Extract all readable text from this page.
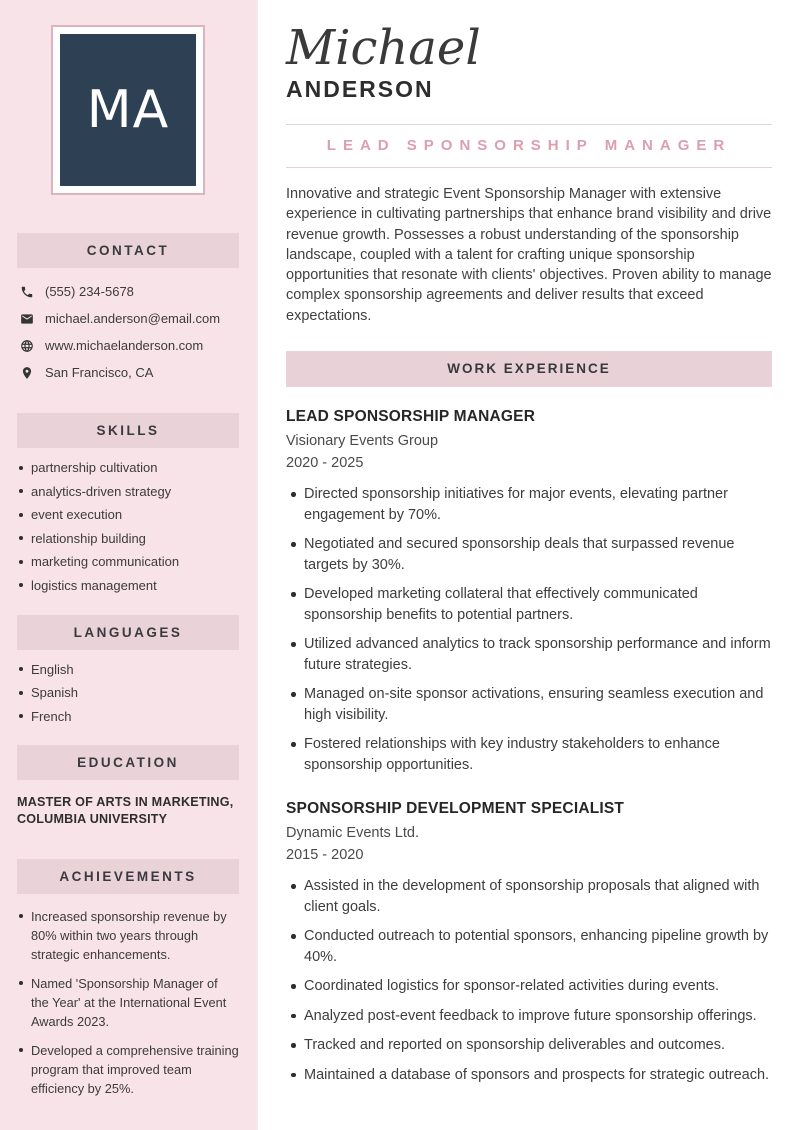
MA
CONTACT
(555) 234-5678
michael.anderson@email.com
www.michaelanderson.com
San Francisco, CA
SKILLS
partnership cultivation
analytics-driven strategy
event execution
relationship building
marketing communication
logistics management
LANGUAGES
English
Spanish
French
EDUCATION
MASTER OF ARTS IN MARKETING, COLUMBIA UNIVERSITY
ACHIEVEMENTS
Increased sponsorship revenue by 80% within two years through strategic enhancements.
Named 'Sponsorship Manager of the Year' at the International Event Awards 2023.
Developed a comprehensive training program that improved team efficiency by 25%.
Michael
ANDERSON
LEAD SPONSORSHIP MANAGER

Innovative and strategic Event Sponsorship Manager with extensive experience in cultivating partnerships that enhance brand visibility and drive revenue growth. Possesses a robust understanding of the sponsorship landscape, coupled with a talent for crafting unique sponsorship opportunities that resonate with clients' objectives. Proven ability to manage complex sponsorship agreements and deliver results that exceed expectations.

WORK EXPERIENCE
LEAD SPONSORSHIP MANAGER
Visionary Events Group
2020 - 2025
Directed sponsorship initiatives for major events, elevating partner engagement by 70%.
Negotiated and secured sponsorship deals that surpassed revenue targets by 30%.
Developed marketing collateral that effectively communicated sponsorship benefits to potential partners.
Utilized advanced analytics to track sponsorship performance and inform future strategies.
Managed on-site sponsor activations, ensuring seamless execution and high visibility.
Fostered relationships with key industry stakeholders to enhance sponsorship opportunities.
SPONSORSHIP DEVELOPMENT SPECIALIST
Dynamic Events Ltd.
2015 - 2020
Assisted in the development of sponsorship proposals that aligned with client goals.
Conducted outreach to potential sponsors, enhancing pipeline growth by 40%.
Coordinated logistics for sponsor-related activities during events.
Analyzed post-event feedback to improve future sponsorship offerings.
Tracked and reported on sponsorship deliverables and outcomes.
Maintained a database of sponsors and prospects for strategic outreach.
